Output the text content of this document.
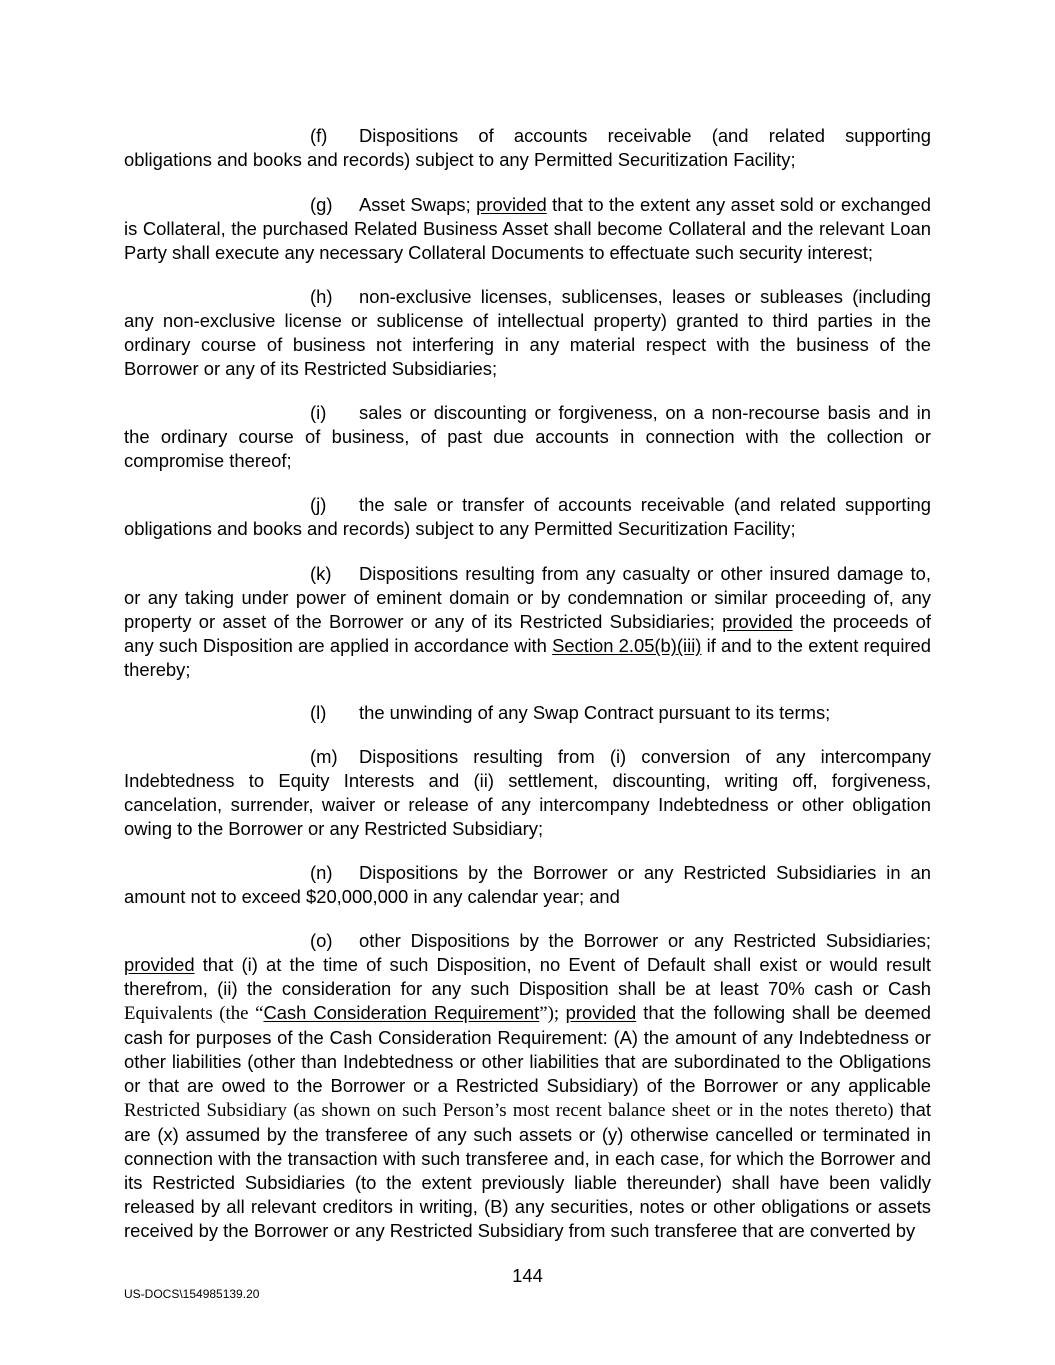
(f) Dispositions of accounts receivable (and related supporting obligations and books and records) subject to any Permitted Securitization Facility;

(g) Asset Swaps; provided that to the extent any asset sold or exchanged is Collateral, the purchased Related Business Asset shall become Collateral and the relevant Loan Party shall execute any necessary Collateral Documents to effectuate such security interest;

(h) non-exclusive licenses, sublicenses, leases or subleases (including any non-exclusive license or sublicense of intellectual property) granted to third parties in the ordinary course of business not interfering in any material respect with the business of the Borrower or any of its Restricted Subsidiaries;

(i) sales or discounting or forgiveness, on a non-recourse basis and in the ordinary course of business, of past due accounts in connection with the collection or compromise thereof;

(j) the sale or transfer of accounts receivable (and related supporting obligations and books and records) subject to any Permitted Securitization Facility;

(k) Dispositions resulting from any casualty or other insured damage to, or any taking under power of eminent domain or by condemnation or similar proceeding of, any property or asset of the Borrower or any of its Restricted Subsidiaries; provided the proceeds of any such Disposition are applied in accordance with Section 2.05(b)(iii) if and to the extent required thereby;

(l) the unwinding of any Swap Contract pursuant to its terms;

(m) Dispositions resulting from (i) conversion of any intercompany Indebtedness to Equity Interests and (ii) settlement, discounting, writing off, forgiveness, cancelation, surrender, waiver or release of any intercompany Indebtedness or other obligation owing to the Borrower or any Restricted Subsidiary;

(n) Dispositions by the Borrower or any Restricted Subsidiaries in an amount not to exceed $20,000,000 in any calendar year; and

(o) other Dispositions by the Borrower or any Restricted Subsidiaries; provided that (i) at the time of such Disposition, no Event of Default shall exist or would result therefrom, (ii) the consideration for any such Disposition shall be at least 70% cash or Cash Equivalents (the “Cash Consideration Requirement”); provided that the following shall be deemed cash for purposes of the Cash Consideration Requirement: (A) the amount of any Indebtedness or other liabilities (other than Indebtedness or other liabilities that are subordinated to the Obligations or that are owed to the Borrower or a Restricted Subsidiary) of the Borrower or any applicable Restricted Subsidiary (as shown on such Person’s most recent balance sheet or in the notes thereto) that are (x) assumed by the transferee of any such assets or (y) otherwise cancelled or terminated in connection with the transaction with such transferee and, in each case, for which the Borrower and its Restricted Subsidiaries (to the extent previously liable thereunder) shall have been validly released by all relevant creditors in writing, (B) any securities, notes or other obligations or assets received by the Borrower or any Restricted Subsidiary from such transferee that are converted by

144
US-DOCS\154985139.20
